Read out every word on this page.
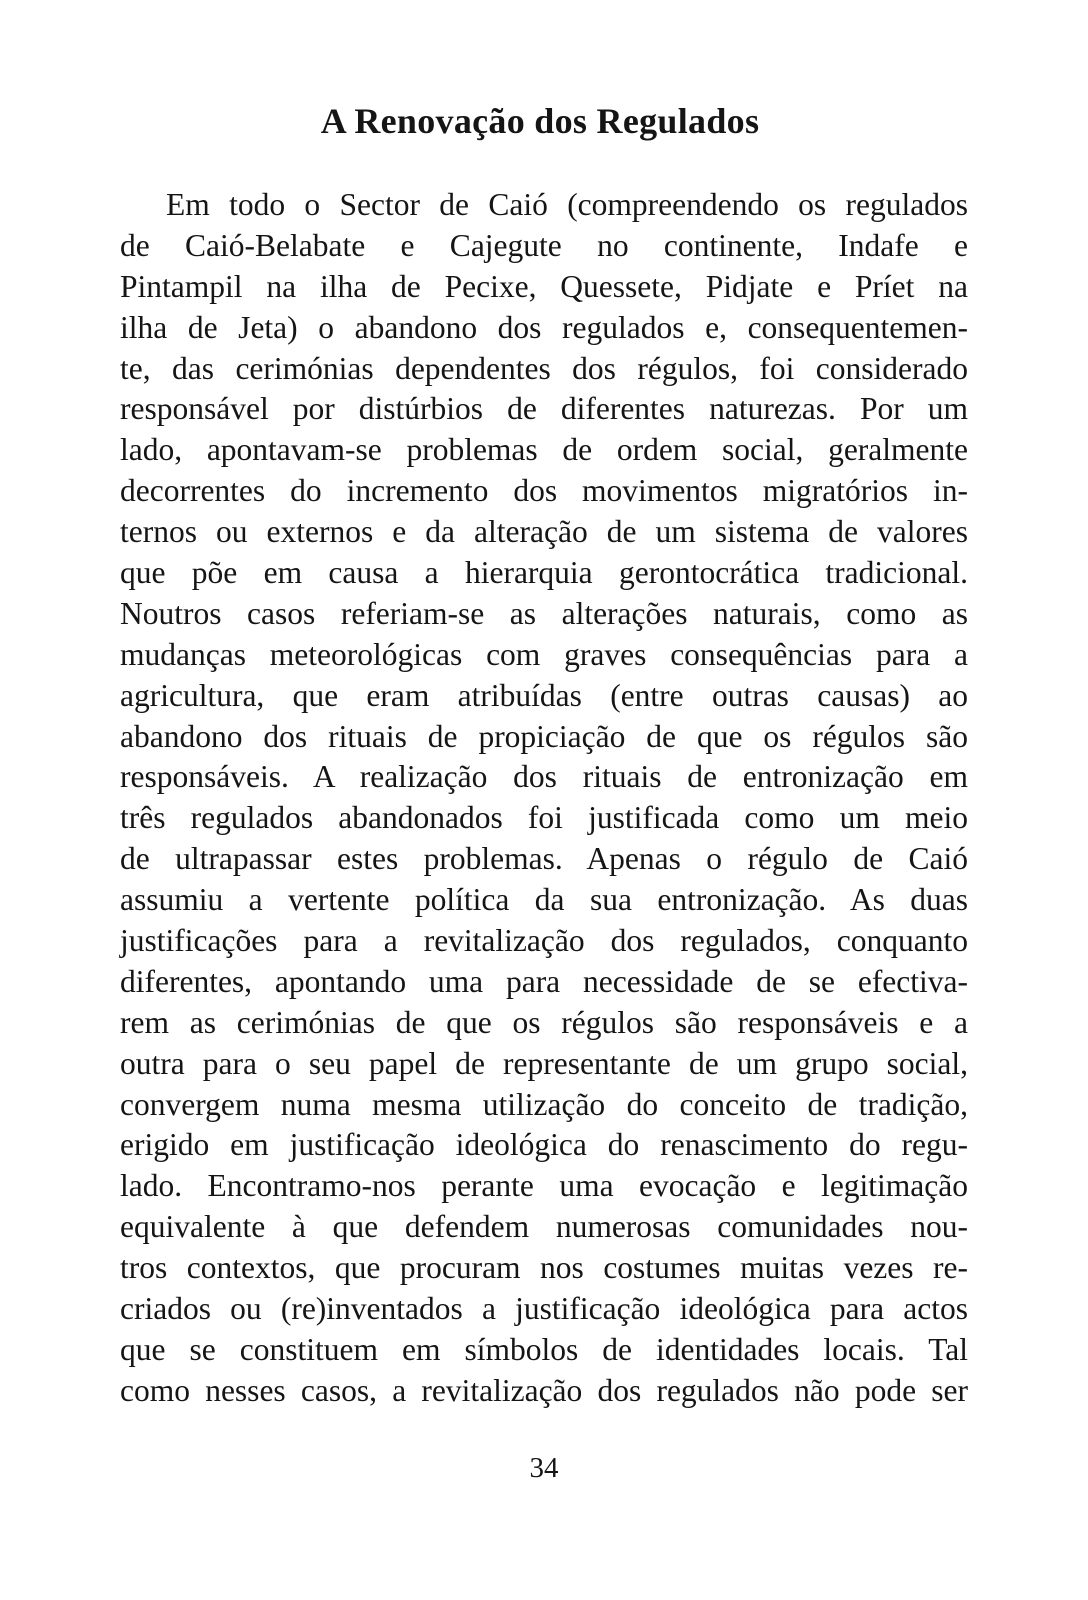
A Renovação dos Regulados
Em todo o Sector de Caió (compreendendo os regulados
de Caió-Belabate e Cajegute no continente, Indafe e
Pintampil na ilha de Pecixe, Quessete, Pidjate e Príet na
ilha de Jeta) o abandono dos regulados e, consequentemen-
te, das cerimónias dependentes dos régulos, foi considerado
responsável por distúrbios de diferentes naturezas. Por um
lado, apontavam-se problemas de ordem social, geralmente
decorrentes do incremento dos movimentos migratórios in-
ternos ou externos e da alteração de um sistema de valores
que põe em causa a hierarquia gerontocrática tradicional.
Noutros casos referiam-se as alterações naturais, como as
mudanças meteorológicas com graves consequências para a
agricultura, que eram atribuídas (entre outras causas) ao
abandono dos rituais de propiciação de que os régulos são
responsáveis. A realização dos rituais de entronização em
três regulados abandonados foi justificada como um meio
de ultrapassar estes problemas. Apenas o régulo de Caió
assumiu a vertente política da sua entronização. As duas
justificações para a revitalização dos regulados, conquanto
diferentes, apontando uma para necessidade de se efectiva-
rem as cerimónias de que os régulos são responsáveis e a
outra para o seu papel de representante de um grupo social,
convergem numa mesma utilização do conceito de tradição,
erigido em justificação ideológica do renascimento do regu-
lado. Encontramo-nos perante uma evocação e legitimação
equivalente à que defendem numerosas comunidades nou-
tros contextos, que procuram nos costumes muitas vezes re-
criados ou (re)inventados a justificação ideológica para actos
que se constituem em símbolos de identidades locais. Tal
como nesses casos, a revitalização dos regulados não pode ser
34
